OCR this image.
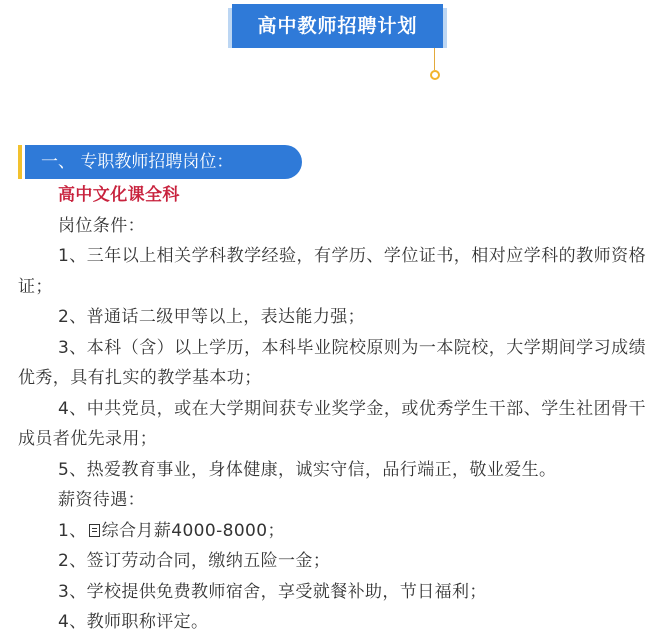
高中教师招聘计划
一、 专职教师招聘岗位：
高中文化课全科
岗位条件：
1、三年以上相关学科教学经验，有学历、学位证书，相对应学科的教师资格证；
2、普通话二级甲等以上，表达能力强；
3、本科（含）以上学历，本科毕业院校原则为一本院校，大学期间学习成绩优秀，具有扎实的教学基本功；
4、中共党员，或在大学期间获专业奖学金，或优秀学生干部、学生社团骨干成员者优先录用；
5、热爱教育事业，身体健康，诚实守信，品行端正，敬业爱生。
薪资待遇：
1、 综合月薪4000-8000；
2、签订劳动合同，缴纳五险一金；
3、学校提供免费教师宿舍，享受就餐补助，节日福利；
4、教师职称评定。
